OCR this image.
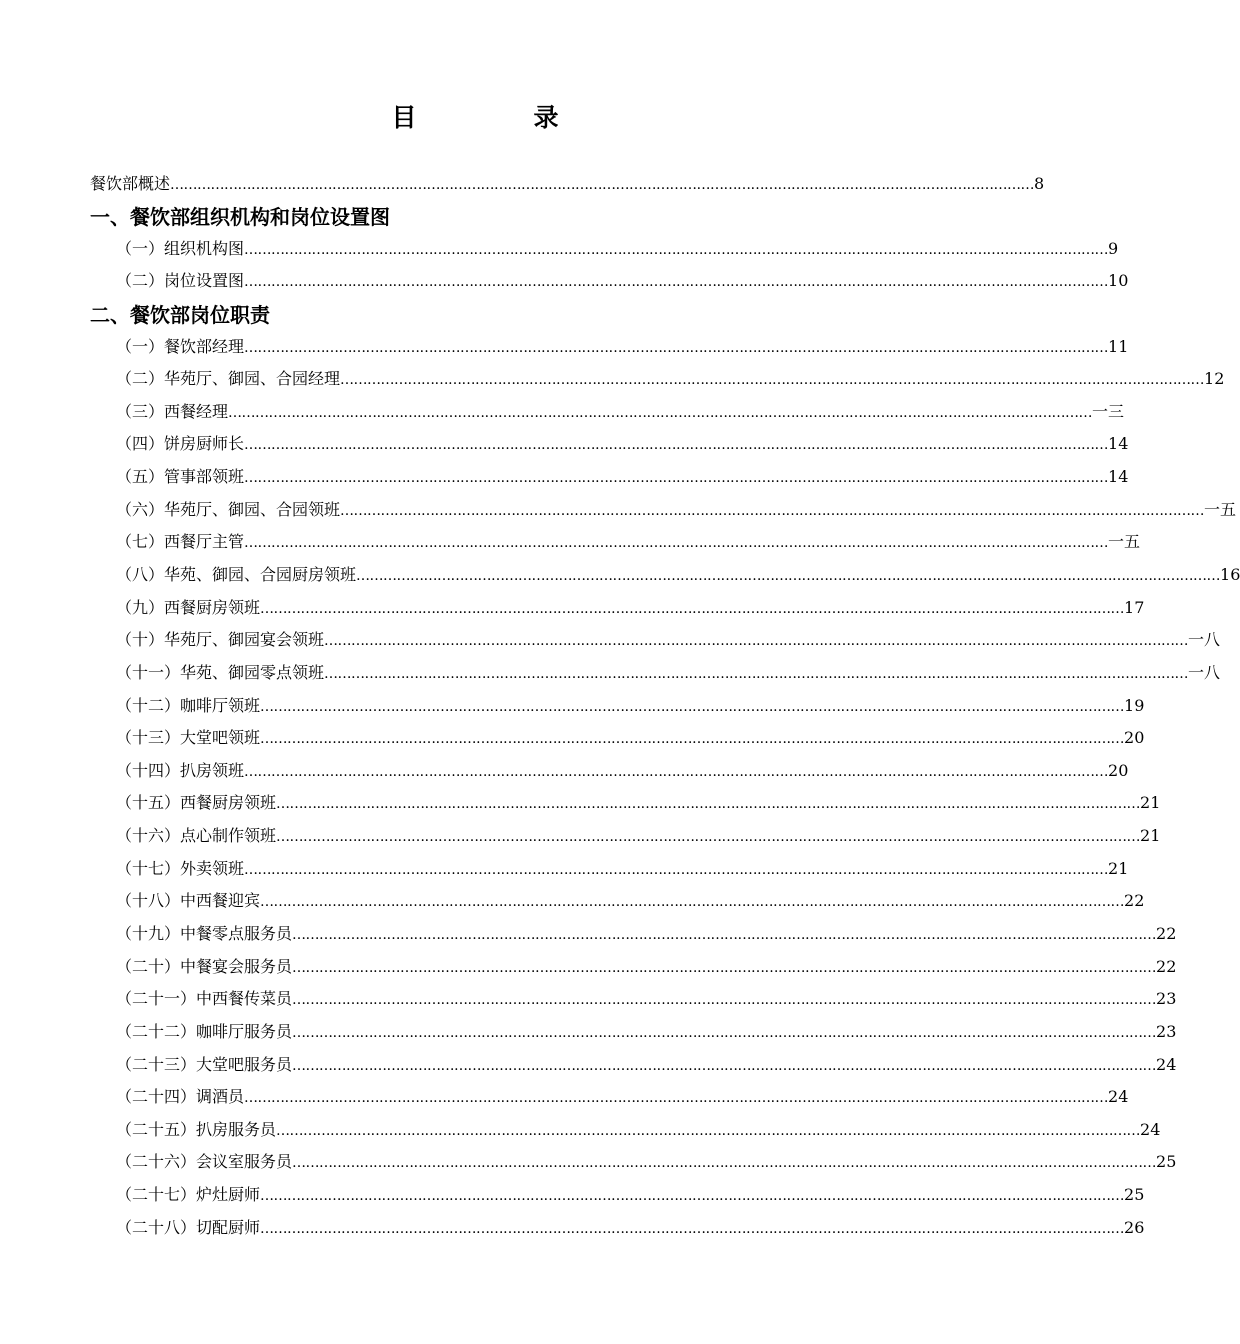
目　录
餐饮部概述 ………………………………………………………………………………………………………………………………………………………………………… 8
一、餐饮部组织机构和岗位设置图
（一）组织机构图 ………………………………………………………………………………………………………………………………………………………………………… 9
（二）岗位设置图 ………………………………………………………………………………………………………………………………………………………………………… 10
二、餐饮部岗位职责
（一）餐饮部经理 ………………………………………………………………………………………………………………………………………………………………………… 11
（二）华苑厅、御园、合园经理 ………………………………………………………………………………………………………………………………………………………………………… 12
（三）西餐经理 ………………………………………………………………………………………………………………………………………………………………………… 一三
（四）饼房厨师长 ………………………………………………………………………………………………………………………………………………………………………… 14
（五）管事部领班 ………………………………………………………………………………………………………………………………………………………………………… 14
（六）华苑厅、御园、合园领班 ………………………………………………………………………………………………………………………………………………………………………… 一五
（七）西餐厅主管 ………………………………………………………………………………………………………………………………………………………………………… 一五
（八）华苑、御园、合园厨房领班 ………………………………………………………………………………………………………………………………………………………………………… 16
（九）西餐厨房领班 ………………………………………………………………………………………………………………………………………………………………………… 17
（十）华苑厅、御园宴会领班 ………………………………………………………………………………………………………………………………………………………………………… 一八
（十一）华苑、御园零点领班 ………………………………………………………………………………………………………………………………………………………………………… 一八
（十二）咖啡厅领班 ………………………………………………………………………………………………………………………………………………………………………… 19
（十三）大堂吧领班 ………………………………………………………………………………………………………………………………………………………………………… 20
（十四）扒房领班 ………………………………………………………………………………………………………………………………………………………………………… 20
（十五）西餐厨房领班 ………………………………………………………………………………………………………………………………………………………………………… 21
（十六）点心制作领班 ………………………………………………………………………………………………………………………………………………………………………… 21
（十七）外卖领班 ………………………………………………………………………………………………………………………………………………………………………… 21
（十八）中西餐迎宾 ………………………………………………………………………………………………………………………………………………………………………… 22
（十九）中餐零点服务员 ………………………………………………………………………………………………………………………………………………………………………… 22
（二十）中餐宴会服务员 ………………………………………………………………………………………………………………………………………………………………………… 22
（二十一）中西餐传菜员 ………………………………………………………………………………………………………………………………………………………………………… 23
（二十二）咖啡厅服务员 ………………………………………………………………………………………………………………………………………………………………………… 23
（二十三）大堂吧服务员 ………………………………………………………………………………………………………………………………………………………………………… 24
（二十四）调酒员 ………………………………………………………………………………………………………………………………………………………………………… 24
（二十五）扒房服务员 ………………………………………………………………………………………………………………………………………………………………………… 24
（二十六）会议室服务员 ………………………………………………………………………………………………………………………………………………………………………… 25
（二十七）炉灶厨师 ………………………………………………………………………………………………………………………………………………………………………… 25
（二十八）切配厨师 ………………………………………………………………………………………………………………………………………………………………………… 26
